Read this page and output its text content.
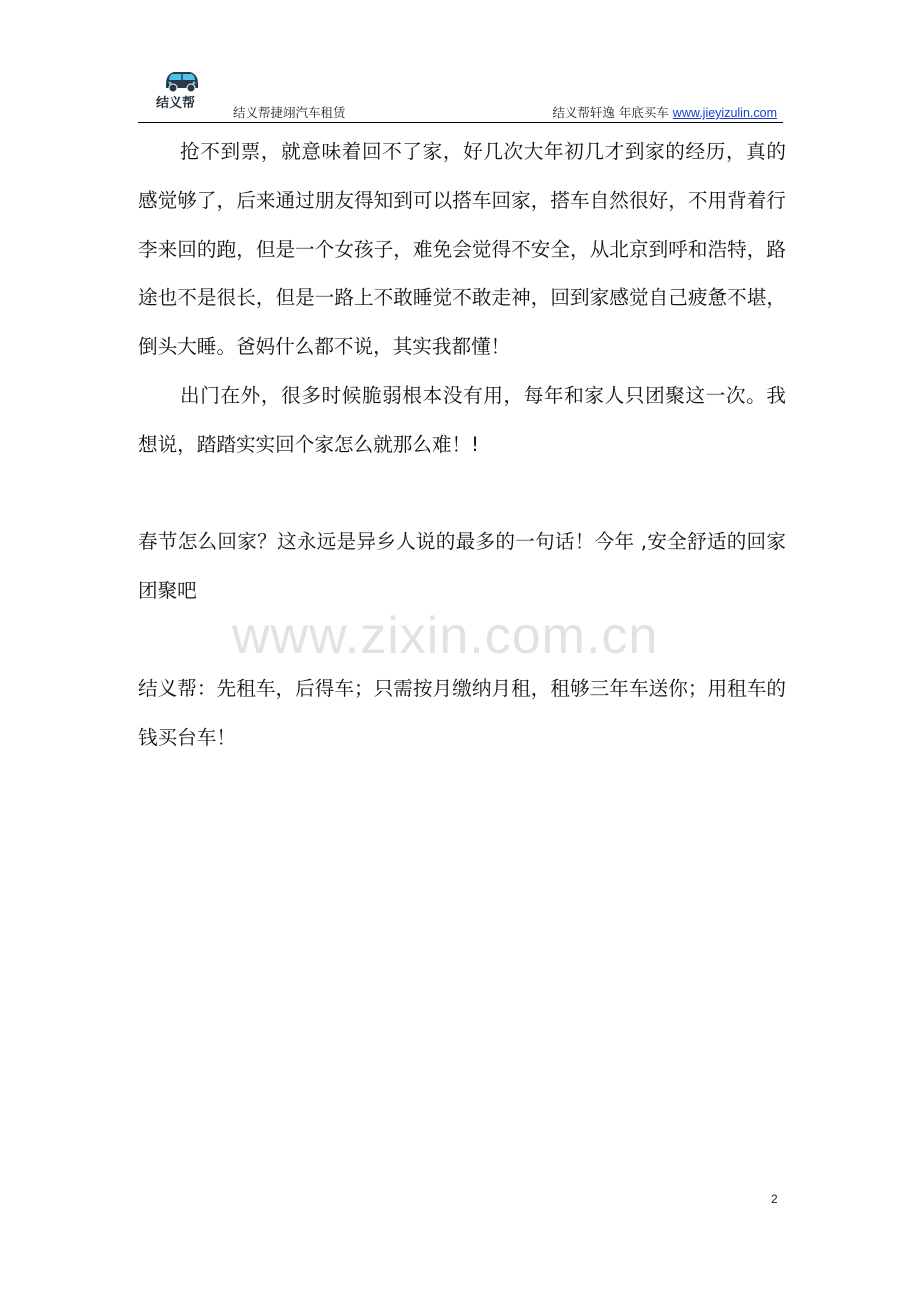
结义帮
结义帮捷翊汽车租赁	结义帮轩逸 年底买车 www.jieyizulin.com

抢不到票，就意味着回不了家，好几次大年初几才到家的经历，真的感觉够了，后来通过朋友得知到可以搭车回家，搭车自然很好，不用背着行李来回的跑，但是一个女孩子，难免会觉得不安全，从北京到呼和浩特，路途也不是很长，但是一路上不敢睡觉不敢走神，回到家感觉自己疲惫不堪，倒头大睡。爸妈什么都不说，其实我都懂！

出门在外，很多时候脆弱根本没有用，每年和家人只团聚这一次。我想说，踏踏实实回个家怎么就那么难！!

春节怎么回家？这永远是异乡人说的最多的一句话！今年 ,安全舒适的回家团聚吧

结义帮：先租车，后得车；只需按月缴纳月租，租够三年车送你；用租车的钱买台车！

www.zixin.com.cn
2
